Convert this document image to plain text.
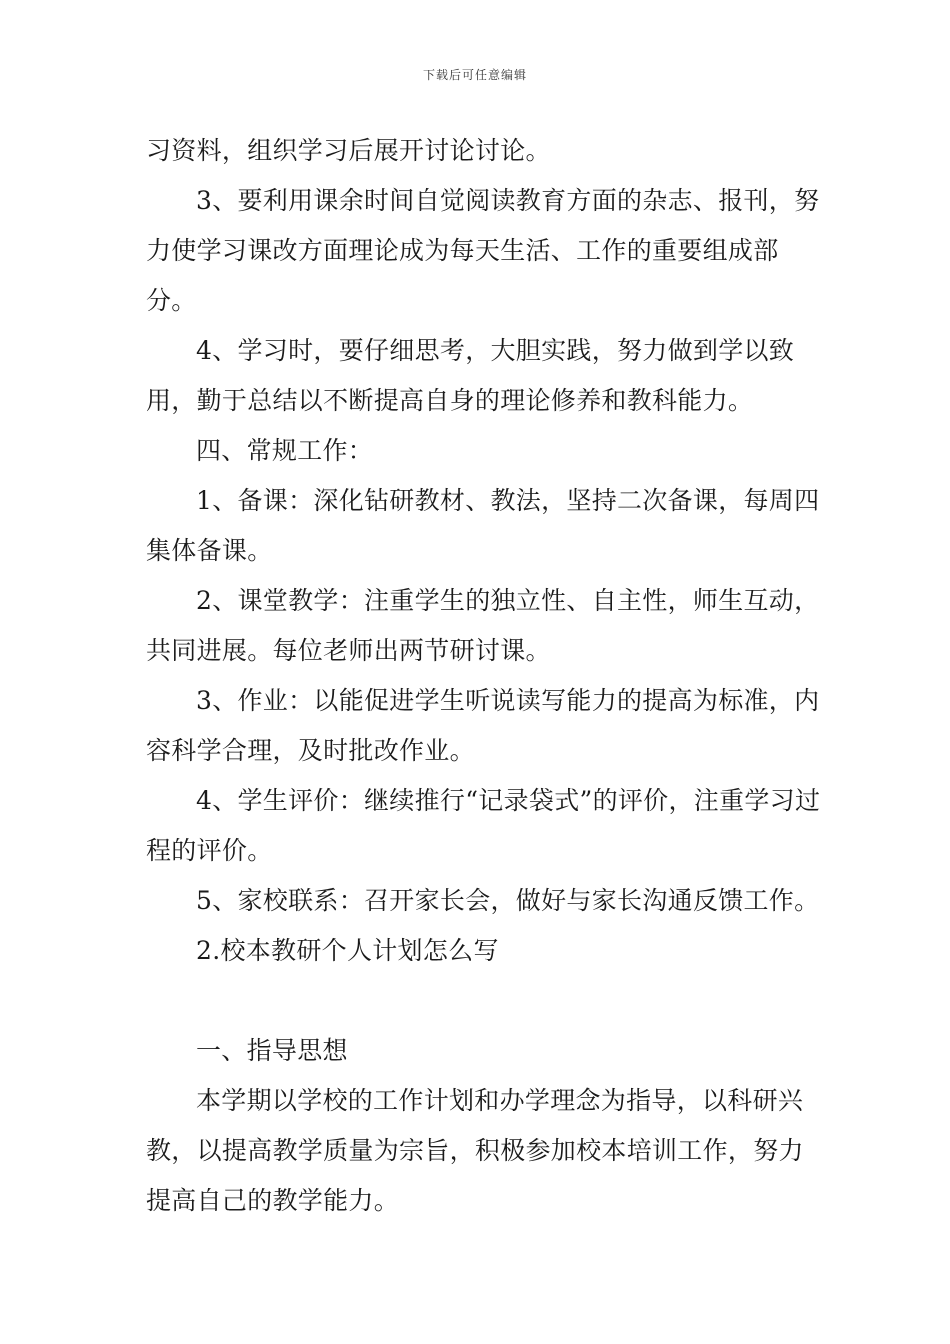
下载后可任意编辑

习资料，组织学习后展开讨论讨论。

3、要利用课余时间自觉阅读教育方面的杂志、报刊，努力使学习课改方面理论成为每天生活、工作的重要组成部分。

4、学习时，要仔细思考，大胆实践，努力做到学以致用，勤于总结以不断提高自身的理论修养和教科能力。

四、常规工作：

1、备课：深化钻研教材、教法，坚持二次备课，每周四集体备课。

2、课堂教学：注重学生的独立性、自主性，师生互动，共同进展。每位老师出两节研讨课。

3、作业：以能促进学生听说读写能力的提高为标准，内容科学合理，及时批改作业。

4、学生评价：继续推行“记录袋式”的评价，注重学习过程的评价。

5、家校联系：召开家长会，做好与家长沟通反馈工作。

2.校本教研个人计划怎么写

一、指导思想

本学期以学校的工作计划和办学理念为指导，以科研兴教，以提高教学质量为宗旨，积极参加校本培训工作，努力提高自己的教学能力。
